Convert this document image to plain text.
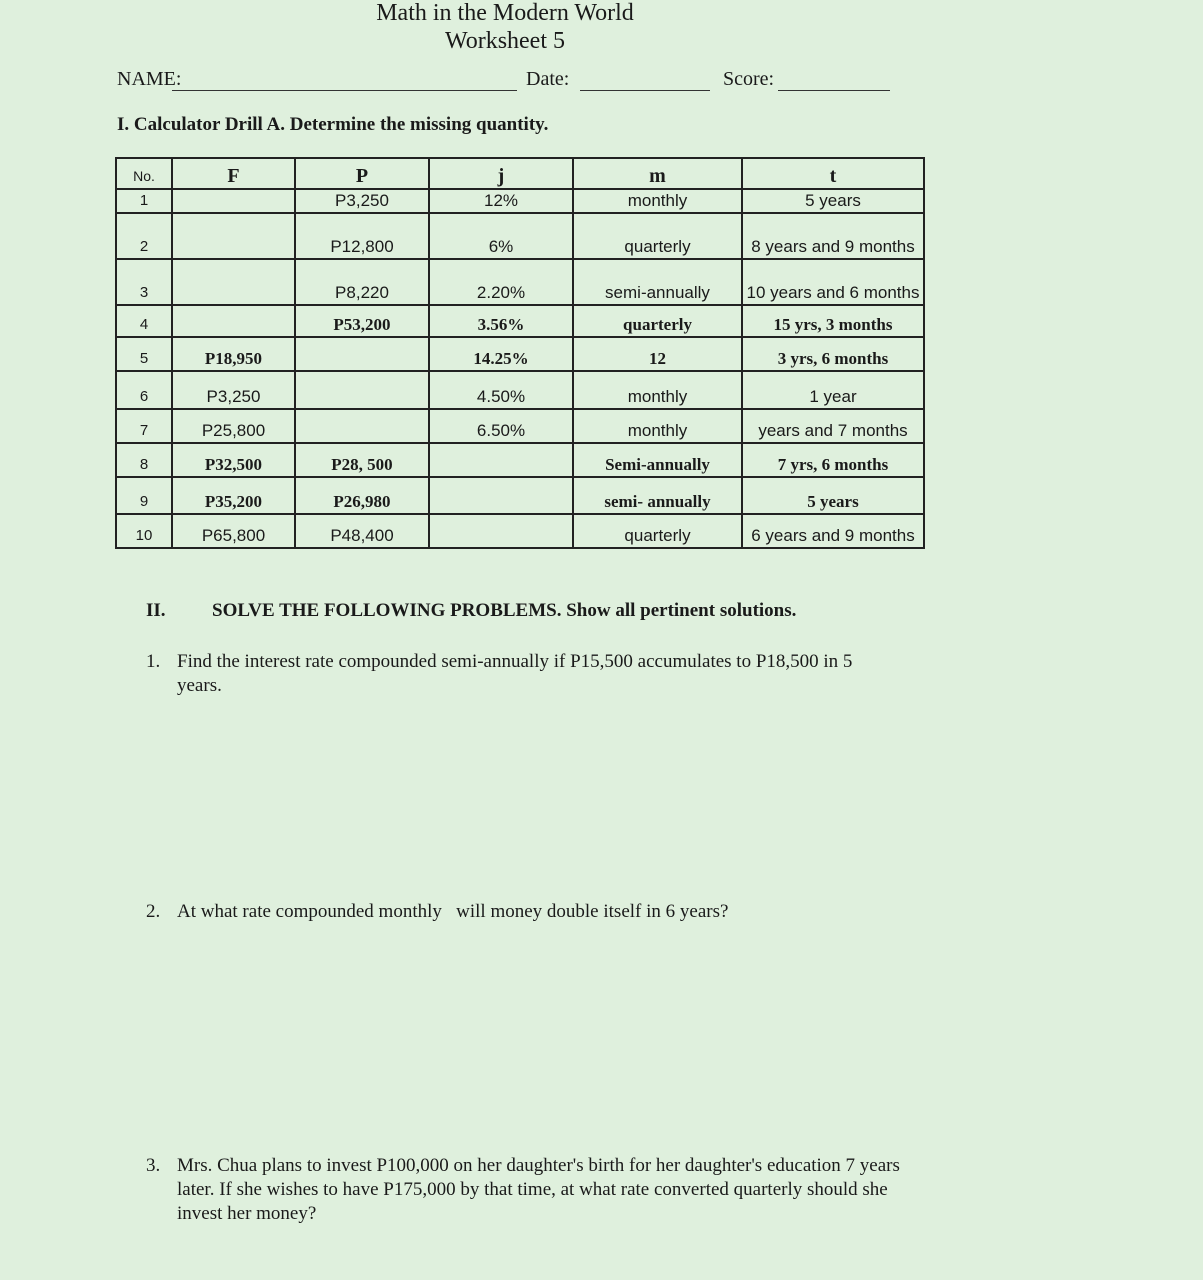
Math in the Modern World
Worksheet 5
NAME:	Date:	Score:
I. Calculator Drill A. Determine the missing quantity.
No.	F	P	j	m	t
1		P3,250	12%	monthly	5 years
2		P12,800	6%	quarterly	8 years and 9 months
3		P8,220	2.20%	semi-annually	10 years and 6 months
4		P53,200	3.56%	quarterly	15 yrs, 3 months
5	P18,950		14.25%	12	3 yrs, 6 months
6	P3,250		4.50%	monthly	1 year
7	P25,800		6.50%	monthly	years and 7 months
8	P32,500	P28, 500		Semi-annually	7 yrs, 6 months
9	P35,200	P26,980		semi- annually	5 years
10	P65,800	P48,400		quarterly	6 years and 9 months
II. SOLVE THE FOLLOWING PROBLEMS. Show all pertinent solutions.
1. Find the interest rate compounded semi-annually if P15,500 accumulates to P18,500 in 5 years.
2. At what rate compounded monthly   will money double itself in 6 years?
3. Mrs. Chua plans to invest P100,000 on her daughter's birth for her daughter's education 7 years later. If she wishes to have P175,000 by that time, at what rate converted quarterly should she invest her money?
